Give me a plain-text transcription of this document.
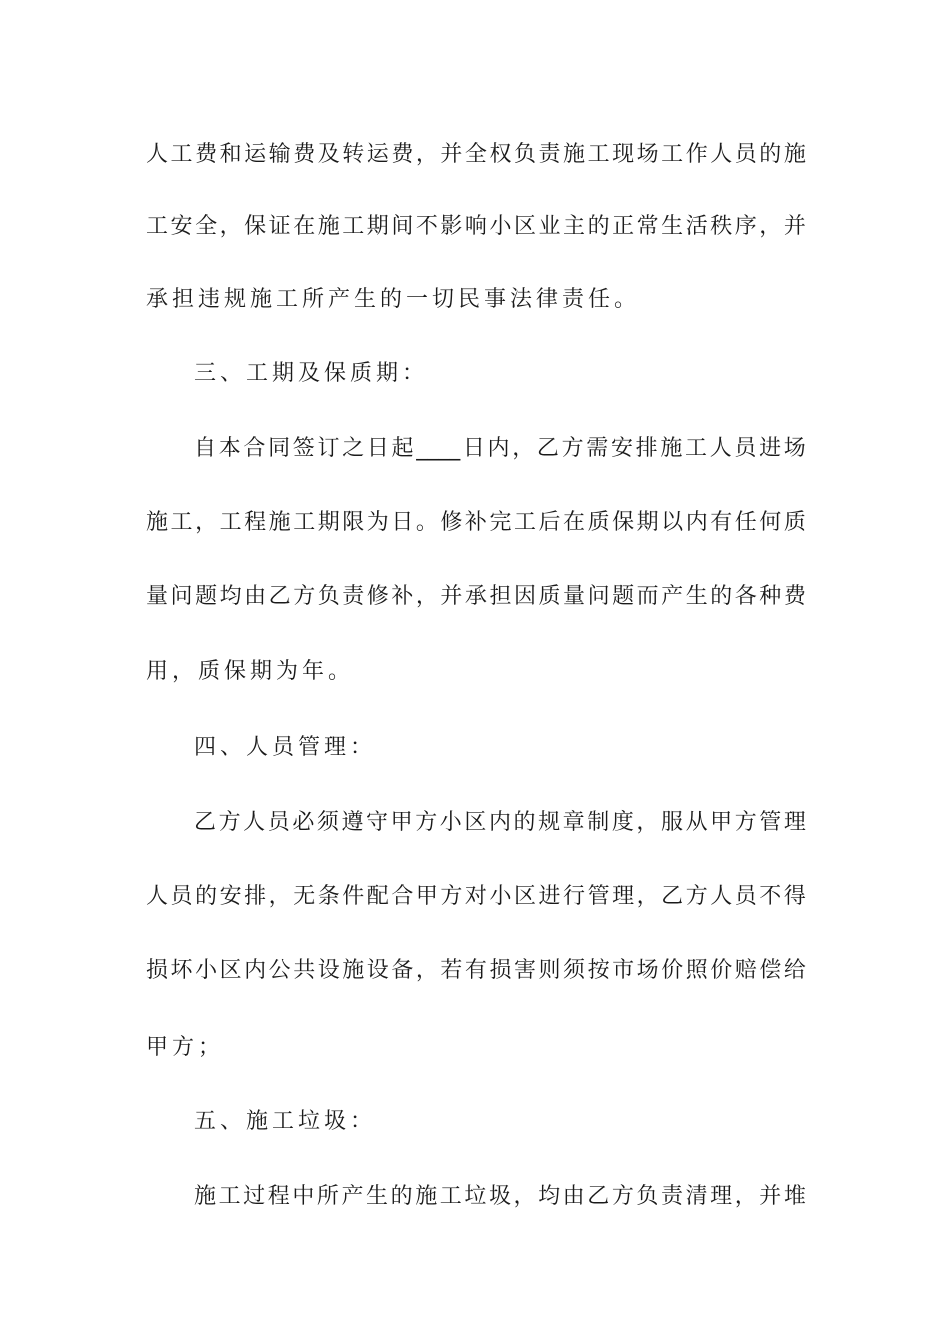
人 工 费 和 运 输 费 及 转 运 费 ， 并 全 权 负 责 施 工 现 场 工 作 人 员 的 施
工 安 全 ， 保 证 在 施 工 期 间 不 影 响 小 区 业 主 的 正 常 生 活 秩 序 ， 并
承担违规施工所产生的一切民事法律责任。
三、工期及保质期：
自 本 合 同 签 订 之 日 起 ____ 日 内 ， 乙 方 需 安 排 施 工 人 员 进 场
施 工 ， 工 程 施 工 期 限 为 日 。 修 补 完 工 后 在 质 保 期 以 内 有 任 何 质
量 问 题 均 由 乙 方 负 责 修 补 ， 并 承 担 因 质 量 问 题 而 产 生 的 各 种 费
用，质保期为年。
四、人员管理：
乙 方 人 员 必 须 遵 守 甲 方 小 区 内 的 规 章 制 度 ， 服 从 甲 方 管 理
人 员 的 安 排 ， 无 条 件 配 合 甲 方 对 小 区 进 行 管 理 ， 乙 方 人 员 不 得
损 坏 小 区 内 公 共 设 施 设 备 ， 若 有 损 害 则 须 按 市 场 价 照 价 赔 偿 给
甲方；
五、施工垃圾：
施 工 过 程 中 所 产 生 的 施 工 垃 圾 ， 均 由 乙 方 负 责 清 理 ， 并 堆
